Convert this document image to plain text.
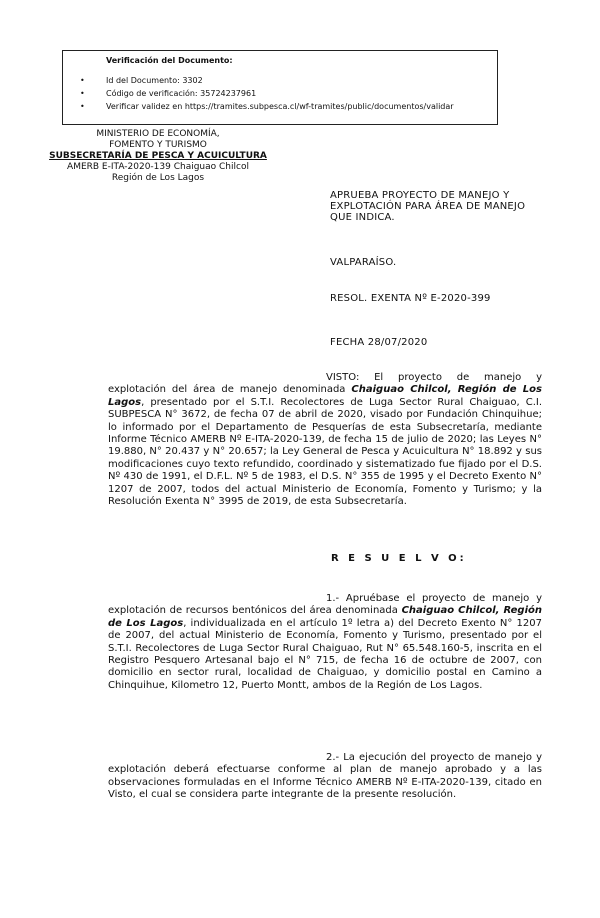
Verificación del Documento:
• Id del Documento: 3302
• Código de verificación: 35724237961
• Verificar validez en https://tramites.subpesca.cl/wf-tramites/public/documentos/validar
MINISTERIO DE ECONOMÍA,
FOMENTO Y TURISMO
SUBSECRETARÍA DE PESCA Y ACUICULTURA
AMERB E-ITA-2020-139 Chaiguao Chilcol
Región de Los Lagos
APRUEBA PROYECTO DE MANEJO Y
EXPLOTACIÓN PARA ÁREA DE MANEJO
QUE INDICA.
VALPARAÍSO.
RESOL. EXENTA Nº E-2020-399
FECHA 28/07/2020
VISTO: El proyecto de manejo y explotación del área de manejo denominada Chaiguao Chilcol, Región de Los Lagos, presentado por el S.T.I. Recolectores de Luga Sector Rural Chaiguao, C.I. SUBPESCA N° 3672, de fecha 07 de abril de 2020, visado por Fundación Chinquihue; lo informado por el Departamento de Pesquerías de esta Subsecretaría, mediante Informe Técnico AMERB Nº E-ITA-2020-139, de fecha 15 de julio de 2020; las Leyes N° 19.880, N° 20.437 y N° 20.657; la Ley General de Pesca y Acuicultura N° 18.892 y sus modificaciones cuyo texto refundido, coordinado y sistematizado fue fijado por el D.S. Nº 430 de 1991, el D.F.L. Nº 5 de 1983, el D.S. N° 355 de 1995 y el Decreto Exento N° 1207 de 2007, todos del actual Ministerio de Economía, Fomento y Turismo; y la Resolución Exenta N° 3995 de 2019, de esta Subsecretaría.
R E S U E L V O:
1.- Apruébase el proyecto de manejo y explotación de recursos bentónicos del área denominada Chaiguao Chilcol, Región de Los Lagos, individualizada en el artículo 1º letra a) del Decreto Exento N° 1207 de 2007, del actual Ministerio de Economía, Fomento y Turismo, presentado por el S.T.I. Recolectores de Luga Sector Rural Chaiguao, Rut N° 65.548.160-5, inscrita en el Registro Pesquero Artesanal bajo el N° 715, de fecha 16 de octubre de 2007, con domicilio en sector rural, localidad de Chaiguao, y domicilio postal en Camino a Chinquihue, Kilometro 12, Puerto Montt, ambos de la Región de Los Lagos.
2.- La ejecución del proyecto de manejo y explotación deberá efectuarse conforme al plan de manejo aprobado y a las observaciones formuladas en el Informe Técnico AMERB Nº E-ITA-2020-139, citado en Visto, el cual se considera parte integrante de la presente resolución.
